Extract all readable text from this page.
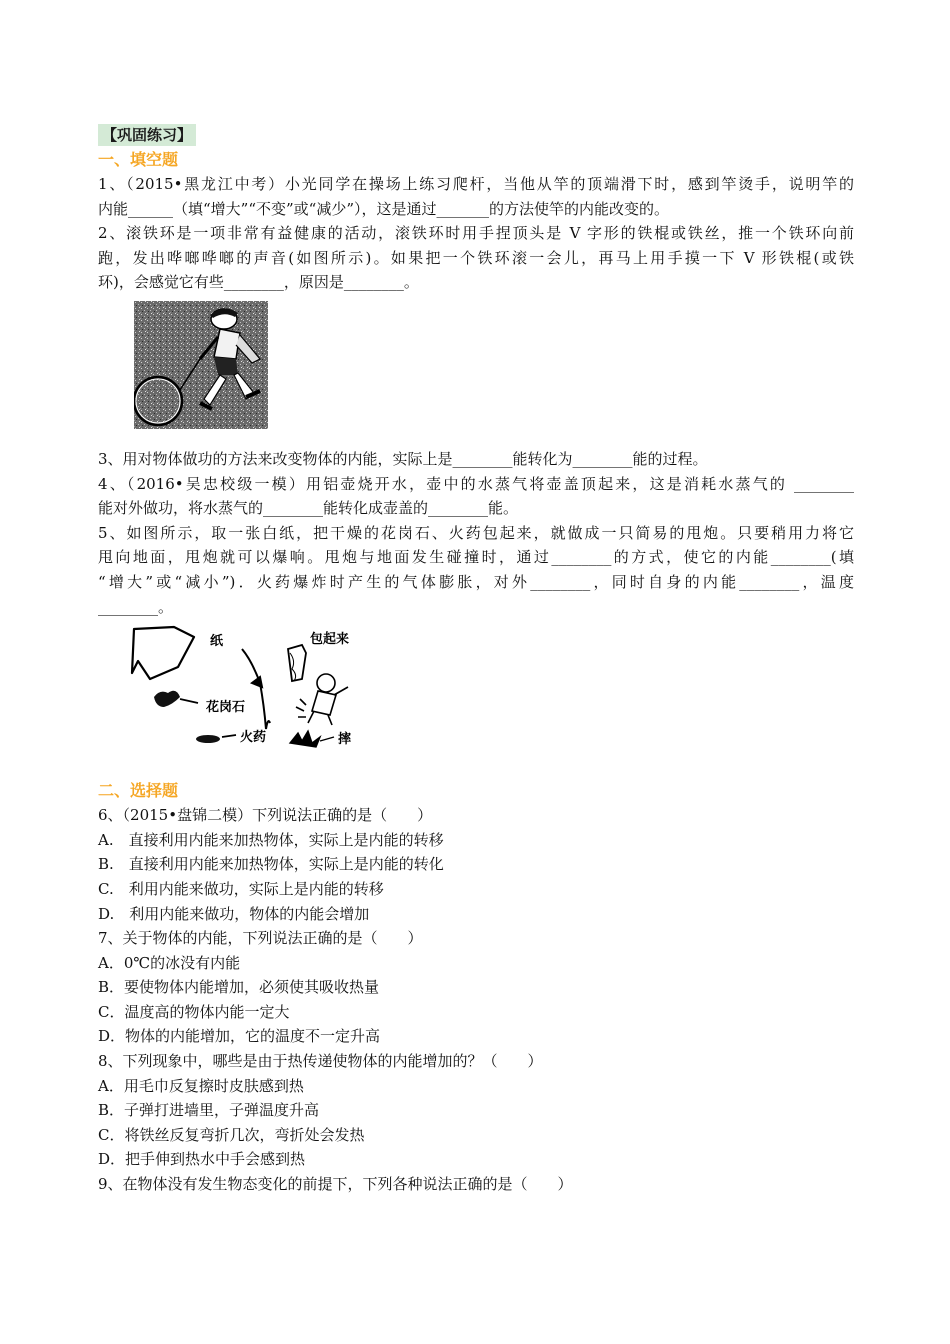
【巩固练习】
一、填空题
1、（2015•黑龙江中考）小光同学在操场上练习爬杆，当他从竿的顶端滑下时，感到竿烫手，说明竿的
内能______（填“增大”“不变”或“减少”），这是通过_______的方法使竿的内能改变的。
2、滚铁环是一项非常有益健康的活动，滚铁环时用手捏顶头是 V 字形的铁棍或铁丝，推一个铁环向前
跑，发出哗啷哗啷的声音(如图所示)。如果把一个铁环滚一会儿，再马上用手摸一下 V 形铁棍(或铁
环)，会感觉它有些________，原因是________。
3、用对物体做功的方法来改变物体的内能，实际上是________能转化为________能的过程。
4、（2016•吴忠校级一模）用铝壶烧开水，壶中的水蒸气将壶盖顶起来，这是消耗水蒸气的 ________
能对外做功，将水蒸气的________能转化成壶盖的________能。
5、如图所示，取一张白纸，把干燥的花岗石、火药包起来，就做成一只简易的甩炮。只要稍用力将它
甩向地面，甩炮就可以爆响。甩炮与地面发生碰撞时，通过________的方式，使它的内能________(填
“增大”或“减小”)．火药爆炸时产生的气体膨胀，对外________，同时自身的内能________，温度
________。
纸	包起来
花岗石
火药	摔
二、选择题
6、（2015•盘锦二模）下列说法正确的是（　　）
A.　直接利用内能来加热物体，实际上是内能的转移
B.　直接利用内能来加热物体，实际上是内能的转化
C.　利用内能来做功，实际上是内能的转移
D.　利用内能来做功，物体的内能会增加
7、关于物体的内能，下列说法正确的是（　　）
A．0℃的冰没有内能
B．要使物体内能增加，必须使其吸收热量
C．温度高的物体内能一定大
D．物体的内能增加，它的温度不一定升高
8、下列现象中，哪些是由于热传递使物体的内能增加的？（　　）
A．用毛巾反复擦时皮肤感到热
B．子弹打进墙里，子弹温度升高
C．将铁丝反复弯折几次，弯折处会发热
D．把手伸到热水中手会感到热
9、在物体没有发生物态变化的前提下，下列各种说法正确的是（　　）
